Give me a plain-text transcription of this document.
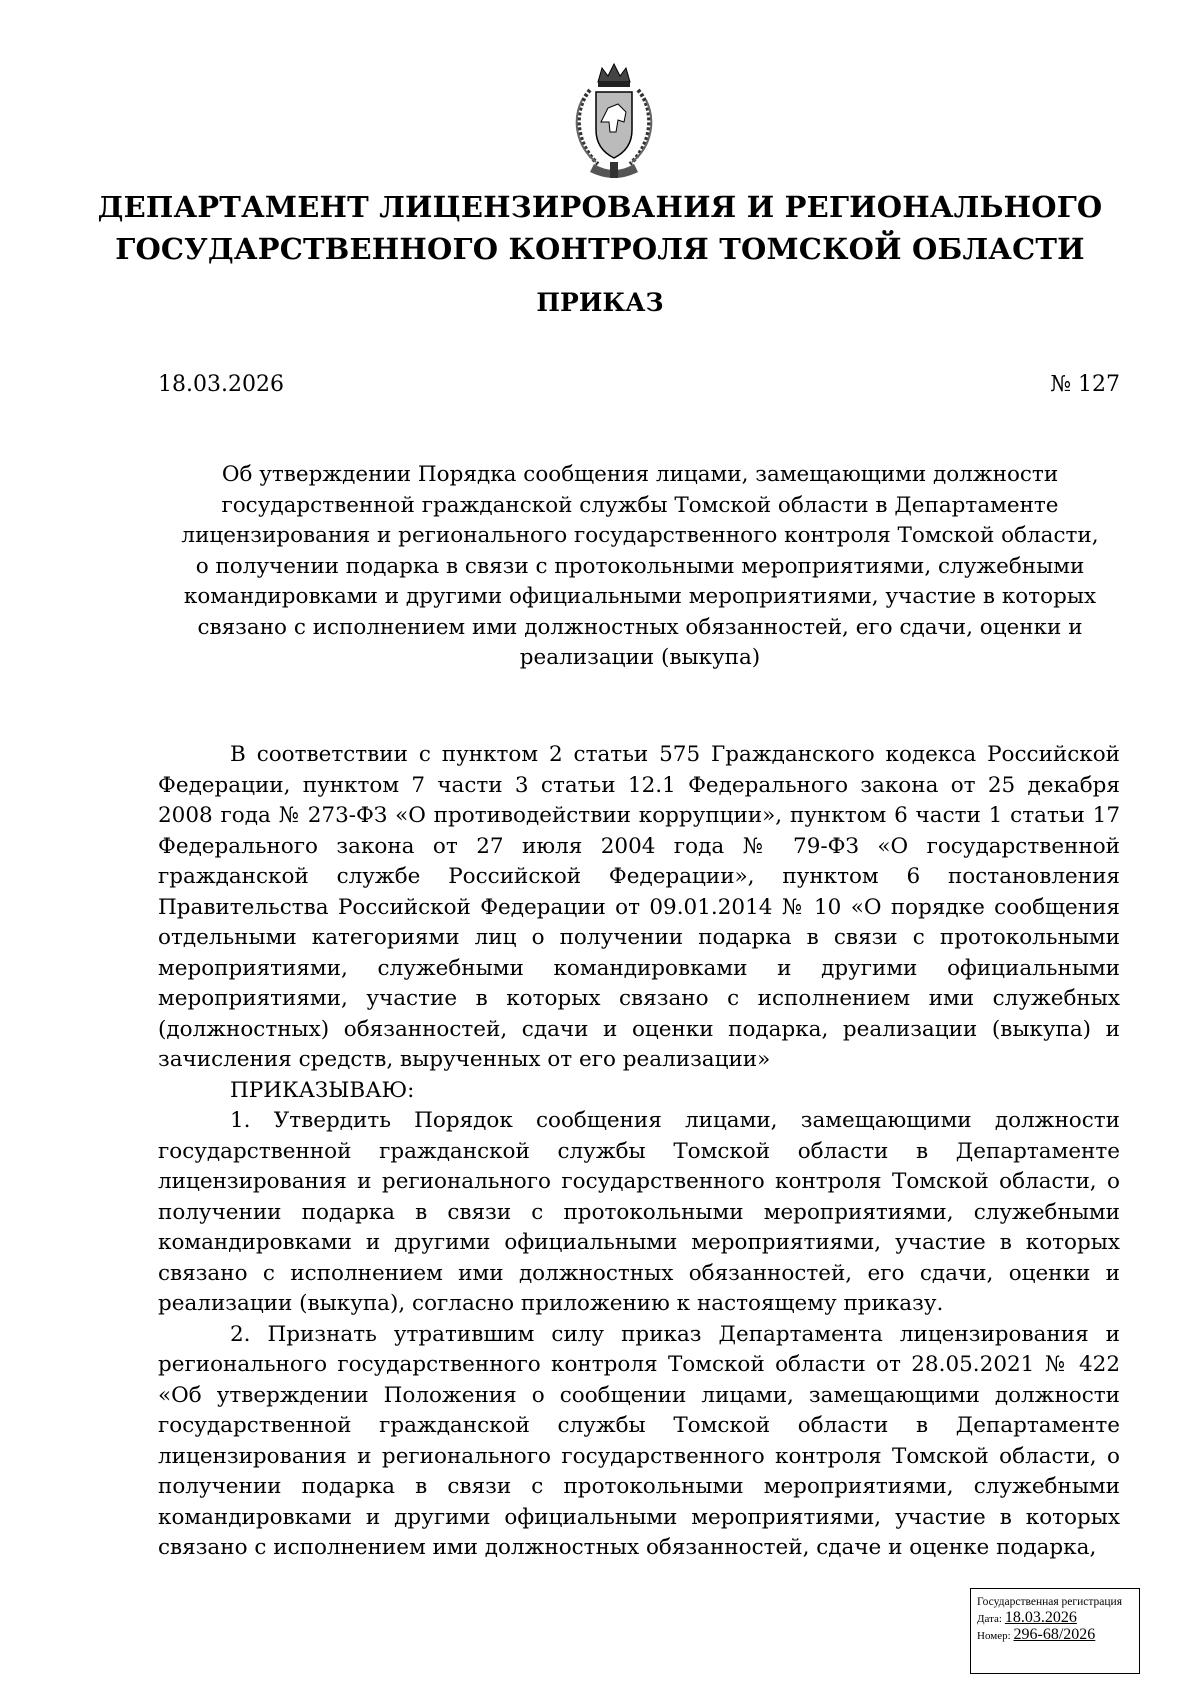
ДЕПАРТАМЕНТ ЛИЦЕНЗИРОВАНИЯ И РЕГИОНАЛЬНОГО
ГОСУДАРСТВЕННОГО КОНТРОЛЯ ТОМСКОЙ ОБЛАСТИ
ПРИКАЗ
18.03.2026	№ 127
Об утверждении Порядка сообщения лицами, замещающими должности
государственной гражданской службы Томской области в Департаменте
лицензирования и регионального государственного контроля Томской области,
о получении подарка в связи с протокольными мероприятиями, служебными
командировками и другими официальными мероприятиями, участие в которых
связано с исполнением ими должностных обязанностей, его сдачи, оценки и
реализации (выкупа)

В соответствии с пунктом 2 статьи 575 Гражданского кодекса Российской Федерации, пунктом 7 части 3 статьи 12.1 Федерального закона от 25 декабря 2008 года № 273-ФЗ «О противодействии коррупции», пунктом 6 части 1 статьи 17 Федерального закона от 27 июля 2004 года № 79-ФЗ «О государственной гражданской службе Российской Федерации», пунктом 6 постановления Правительства Российской Федерации от 09.01.2014 № 10 «О порядке сообщения отдельными категориями лиц о получении подарка в связи с протокольными мероприятиями, служебными командировками и другими официальными мероприятиями, участие в которых связано с исполнением ими служебных (должностных) обязанностей, сдачи и оценки подарка, реализации (выкупа) и зачисления средств, вырученных от его реализации»

ПРИКАЗЫВАЮ:

1. Утвердить Порядок сообщения лицами, замещающими должности государственной гражданской службы Томской области в Департаменте лицензирования и регионального государственного контроля Томской области, о получении подарка в связи с протокольными мероприятиями, служебными командировками и другими официальными мероприятиями, участие в которых связано с исполнением ими должностных обязанностей, его сдачи, оценки и реализации (выкупа), согласно приложению к настоящему приказу.

2. Признать утратившим силу приказ Департамента лицензирования и регионального государственного контроля Томской области от 28.05.2021 № 422 «Об утверждении Положения о сообщении лицами, замещающими должности государственной гражданской службы Томской области в Департаменте лицензирования и регионального государственного контроля Томской области, о получении подарка в связи с протокольными мероприятиями, служебными командировками и другими официальными мероприятиями, участие в которых связано с исполнением ими должностных обязанностей, сдаче и оценке подарка,

Государственная регистрация
Дата: 18.03.2026
Номер: 296-68/2026
